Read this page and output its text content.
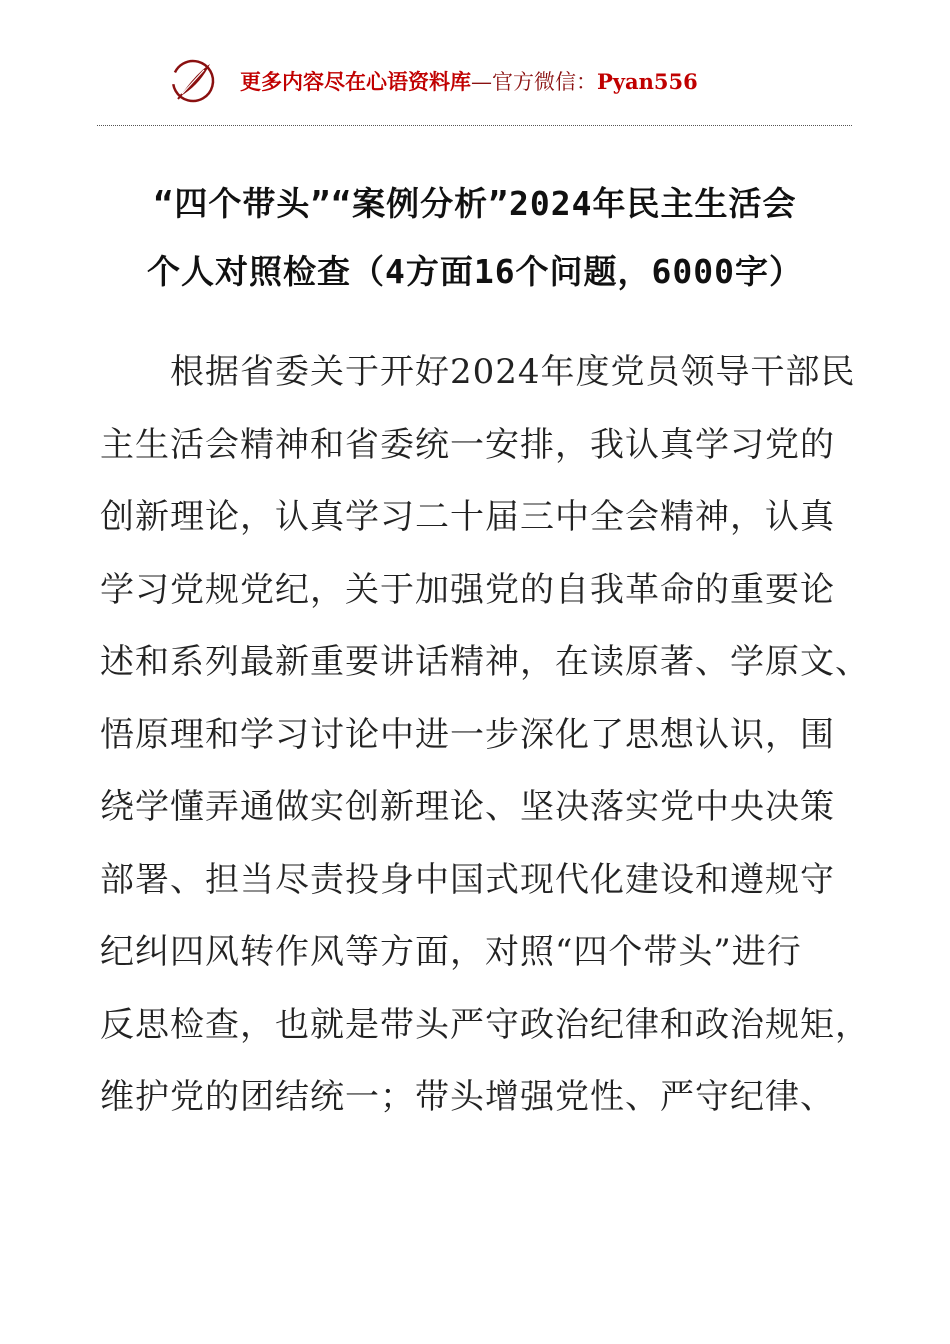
更多内容尽在心语资料库—官方微信：Pyan556
“四个带头”“案例分析”2024年民主生活会
个人对照检查（4方面16个问题，6000字）
根据省委关于开好2024年度党员领导干部民
主生活会精神和省委统一安排，我认真学习党的
创新理论，认真学习二十届三中全会精神，认真
学习党规党纪，关于加强党的自我革命的重要论
述和系列最新重要讲话精神，在读原著、学原文、
悟原理和学习讨论中进一步深化了思想认识，围
绕学懂弄通做实创新理论、坚决落实党中央决策
部署、担当尽责投身中国式现代化建设和遵规守
纪纠四风转作风等方面，对照“四个带头”进行
反思检查，也就是带头严守政治纪律和政治规矩，
维护党的团结统一；带头增强党性、严守纪律、
